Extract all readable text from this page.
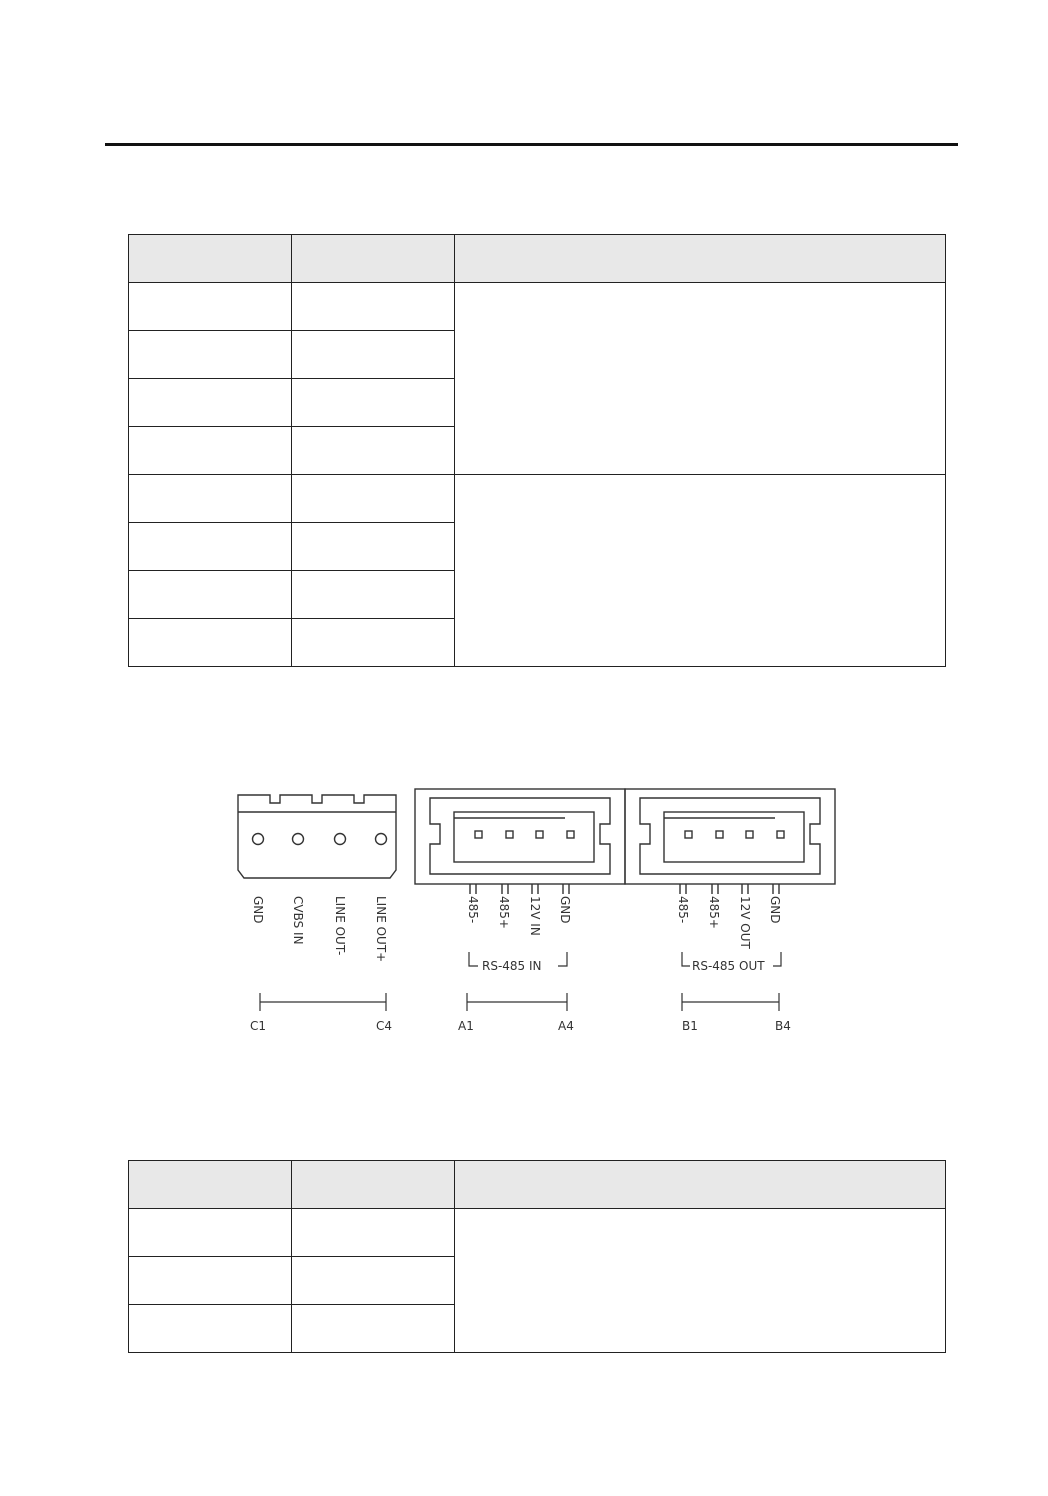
GND CVBS IN LINE OUT- LINE OUT+	485- 485+ 12V IN GND	485- 485+ 12V OUT GND
RS-485 IN	RS-485 OUT
C1	C4	A1	A4	B1	B4
